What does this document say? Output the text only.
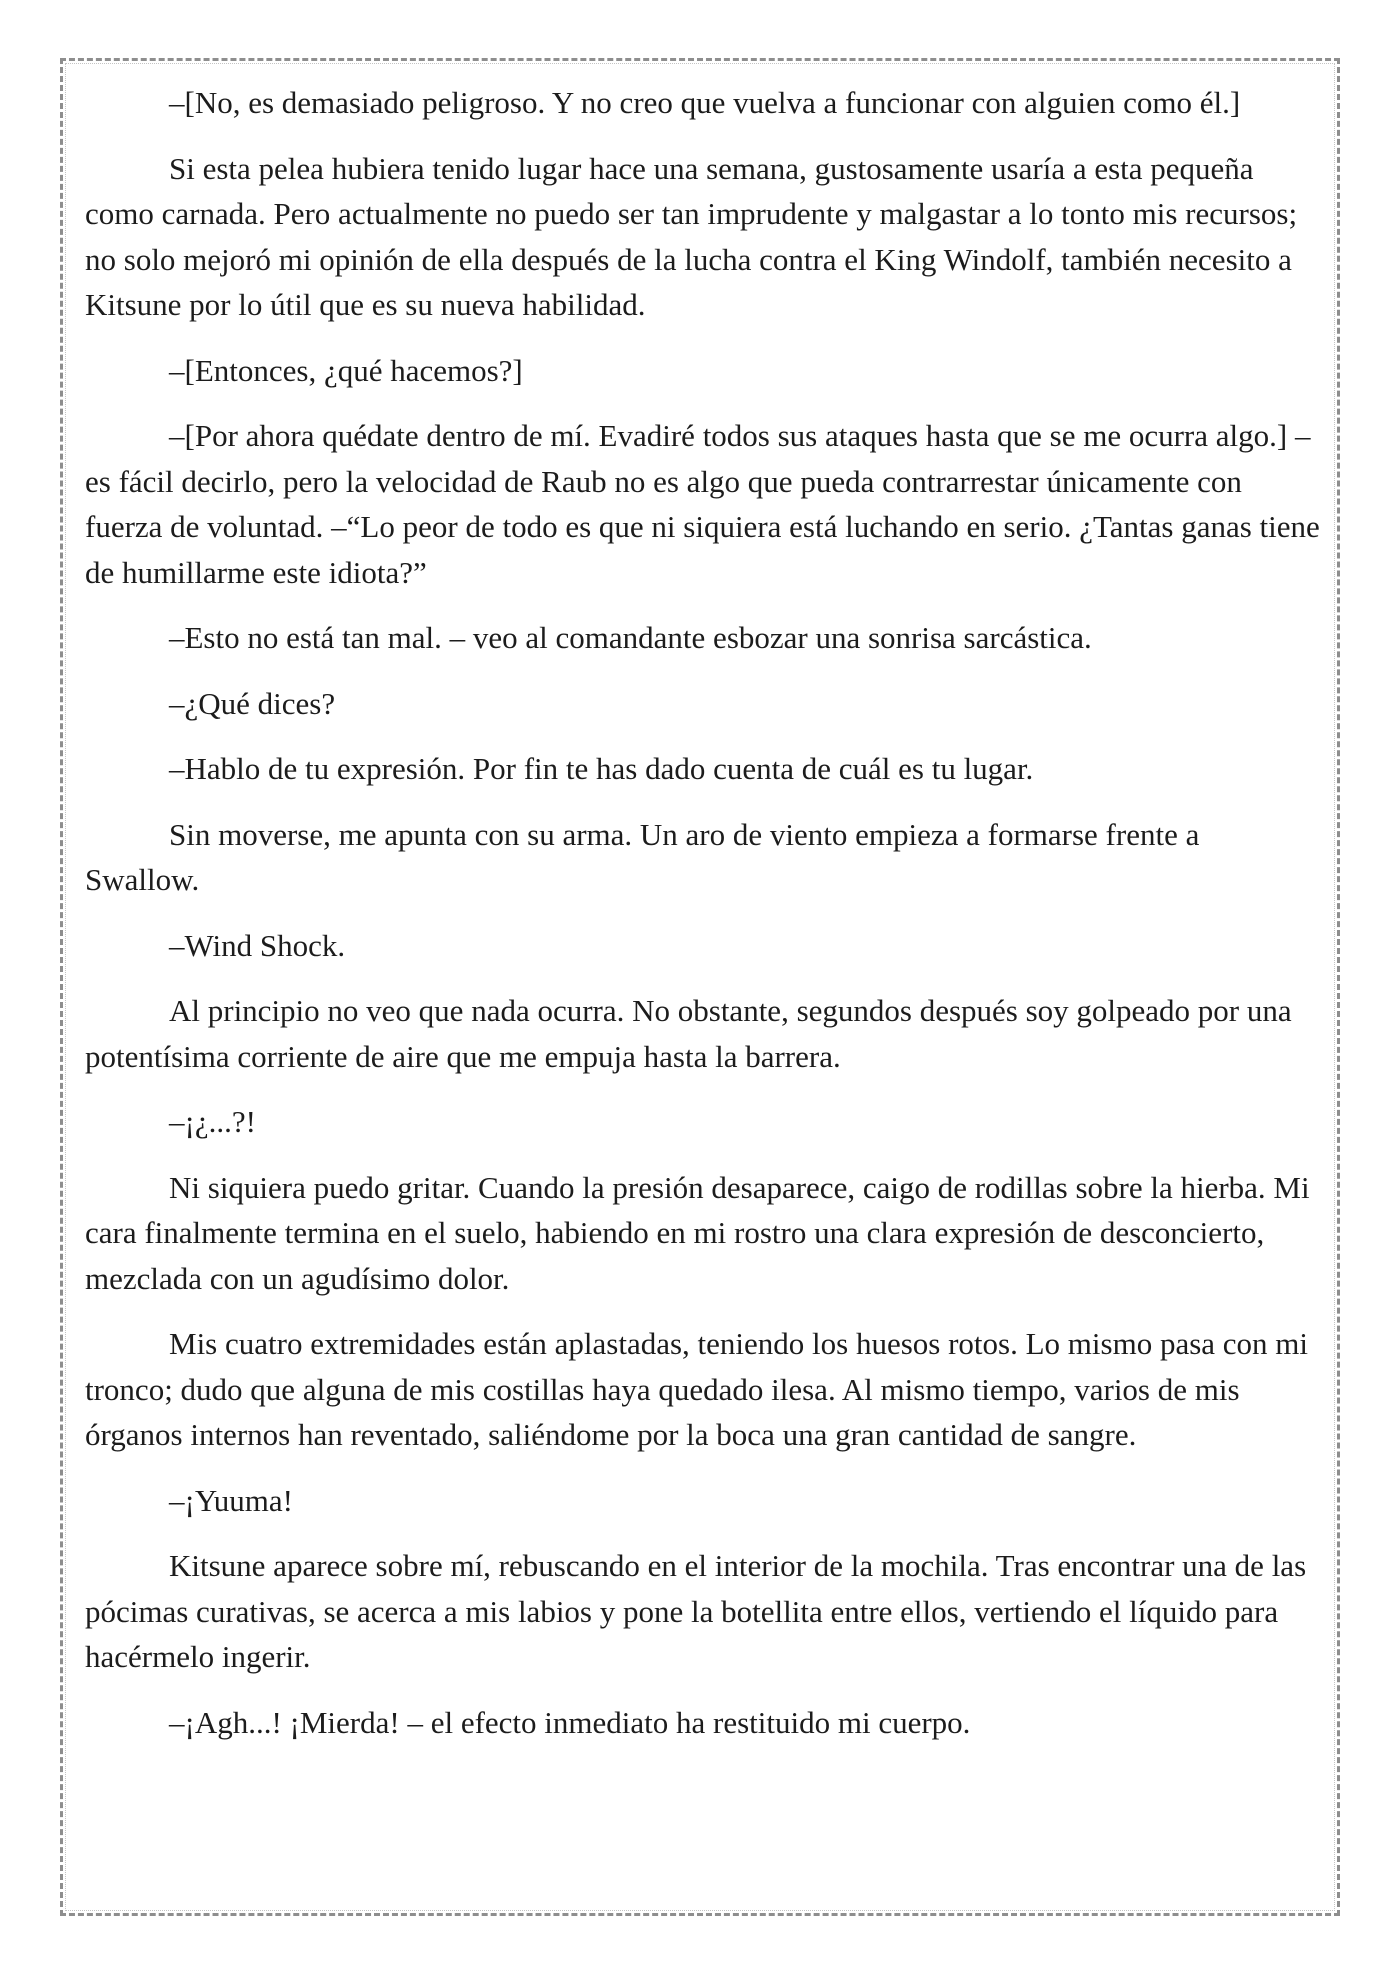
–[No, es demasiado peligroso. Y no creo que vuelva a funcionar con alguien como él.]

Si esta pelea hubiera tenido lugar hace una semana, gustosamente usaría a esta pequeña como carnada. Pero actualmente no puedo ser tan imprudente y malgastar a lo tonto mis recursos; no solo mejoró mi opinión de ella después de la lucha contra el King Windolf, también necesito a Kitsune por lo útil que es su nueva habilidad.

–[Entonces, ¿qué hacemos?]

–[Por ahora quédate dentro de mí. Evadiré todos sus ataques hasta que se me ocurra algo.] – es fácil decirlo, pero la velocidad de Raub no es algo que pueda contrarrestar únicamente con fuerza de voluntad. –“Lo peor de todo es que ni siquiera está luchando en serio. ¿Tantas ganas tiene de humillarme este idiota?”

–Esto no está tan mal. – veo al comandante esbozar una sonrisa sarcástica.

–¿Qué dices?

–Hablo de tu expresión. Por fin te has dado cuenta de cuál es tu lugar.

Sin moverse, me apunta con su arma. Un aro de viento empieza a formarse frente a Swallow.

–Wind Shock.

Al principio no veo que nada ocurra. No obstante, segundos después soy golpeado por una potentísima corriente de aire que me empuja hasta la barrera.

–¡¿...?!

Ni siquiera puedo gritar. Cuando la presión desaparece, caigo de rodillas sobre la hierba. Mi cara finalmente termina en el suelo, habiendo en mi rostro una clara expresión de desconcierto, mezclada con un agudísimo dolor.

Mis cuatro extremidades están aplastadas, teniendo los huesos rotos. Lo mismo pasa con mi tronco; dudo que alguna de mis costillas haya quedado ilesa. Al mismo tiempo, varios de mis órganos internos han reventado, saliéndome por la boca una gran cantidad de sangre.

–¡Yuuma!

Kitsune aparece sobre mí, rebuscando en el interior de la mochila. Tras encontrar una de las pócimas curativas, se acerca a mis labios y pone la botellita entre ellos, vertiendo el líquido para hacérmelo ingerir.

–¡Agh...! ¡Mierda! – el efecto inmediato ha restituido mi cuerpo.
